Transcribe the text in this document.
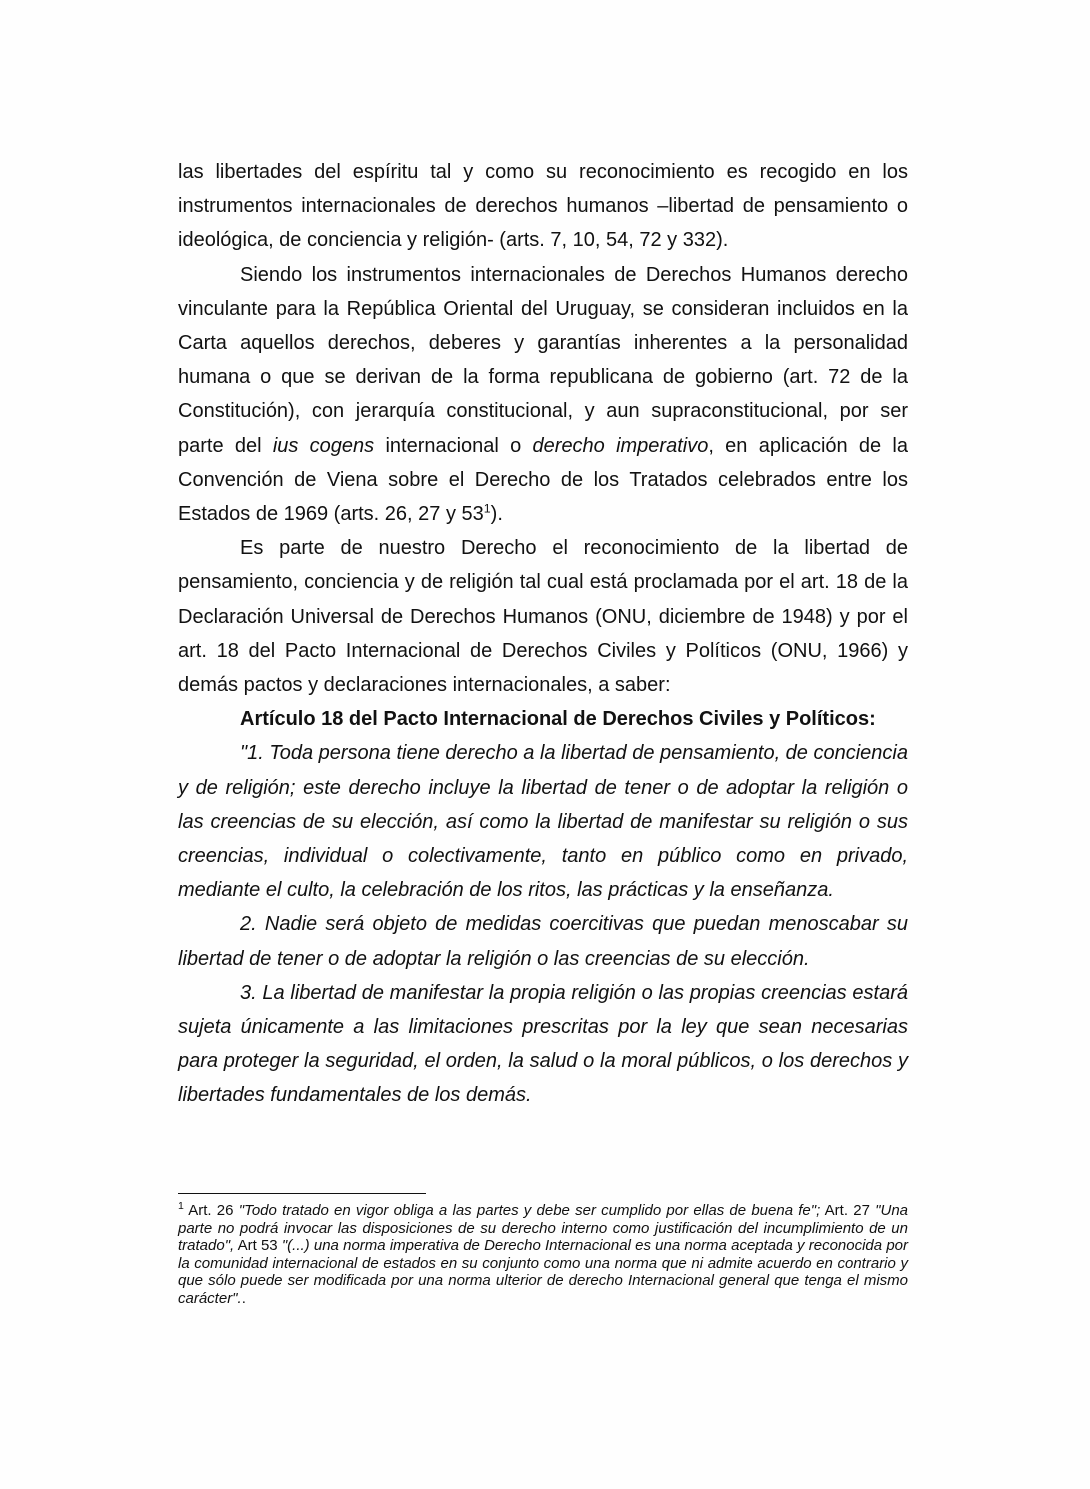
las libertades del espíritu tal y como su reconocimiento es recogido en los instrumentos internacionales de derechos humanos –libertad de pensamiento o ideológica, de conciencia y religión- (arts. 7, 10, 54, 72 y 332).

Siendo los instrumentos internacionales de Derechos Humanos derecho vinculante para la República Oriental del Uruguay, se consideran incluidos en la Carta aquellos derechos, deberes y garantías inherentes a la personalidad humana o que se derivan de la forma republicana de gobierno (art. 72 de la Constitución), con jerarquía constitucional, y aun supraconstitucional, por ser parte del ius cogens internacional o derecho imperativo, en aplicación de la Convención de Viena sobre el Derecho de los Tratados celebrados entre los Estados de 1969 (arts. 26, 27 y $53^1$).

Es parte de nuestro Derecho el reconocimiento de la libertad de pensamiento, conciencia y de religión tal cual está proclamada por el art. 18 de la Declaración Universal de Derechos Humanos (ONU, diciembre de 1948) y por el art. 18 del Pacto Internacional de Derechos Civiles y Políticos (ONU, 1966) y demás pactos y declaraciones internacionales, a saber:

Artículo 18 del Pacto Internacional de Derechos Civiles y Políticos:

"1. Toda persona tiene derecho a la libertad de pensamiento, de conciencia y de religión; este derecho incluye la libertad de tener o de adoptar la religión o las creencias de su elección, así como la libertad de manifestar su religión o sus creencias, individual o colectivamente, tanto en público como en privado, mediante el culto, la celebración de los ritos, las prácticas y la enseñanza.

2. Nadie será objeto de medidas coercitivas que puedan menoscabar su libertad de tener o de adoptar la religión o las creencias de su elección.

3. La libertad de manifestar la propia religión o las propias creencias estará sujeta únicamente a las limitaciones prescritas por la ley que sean necesarias para proteger la seguridad, el orden, la salud o la moral públicos, o los derechos y libertades fundamentales de los demás.

$^1$ Art. 26 "Todo tratado en vigor obliga a las partes y debe ser cumplido por ellas de buena fe"; Art. 27 "Una parte no podrá invocar las disposiciones de su derecho interno como justificación del incumplimiento de un tratado", Art 53 "(...) una norma imperativa de Derecho Internacional es una norma aceptada y reconocida por la comunidad internacional de estados en su conjunto como una norma que ni admite acuerdo en contrario y que sólo puede ser modificada por una norma ulterior de derecho Internacional general que tenga el mismo carácter"..
